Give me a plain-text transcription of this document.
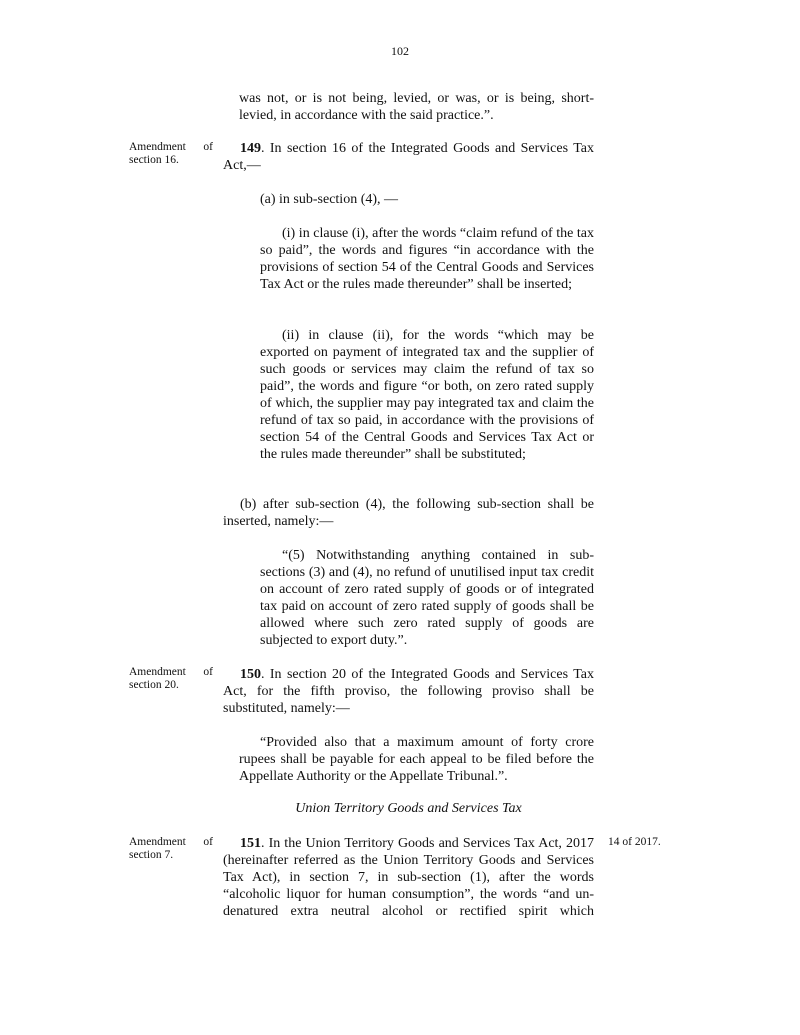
102

was not, or is not being, levied, or was, or is being, short-levied, in accordance with the said practice.”.

Amendment of section 16.

149. In section 16 of the Integrated Goods and Services Tax Act,—

(a) in sub-section (4), —

(i) in clause (i), after the words “claim refund of the tax so paid”, the words and figures “in accordance with the provisions of section 54 of the Central Goods and Services Tax Act or the rules made thereunder” shall be inserted;

(ii) in clause (ii), for the words “which may be exported on payment of integrated tax and the supplier of such goods or services may claim the refund of tax so paid”, the words and figure “or both, on zero rated supply of which, the supplier may pay integrated tax and claim the refund of tax so paid, in accordance with the provisions of section 54 of the Central Goods and Services Tax Act or the rules made thereunder” shall be substituted;

(b) after sub-section (4), the following sub-section shall be inserted, namely:—

“(5) Notwithstanding anything contained in sub-sections (3) and (4), no refund of unutilised input tax credit on account of zero rated supply of goods or of integrated tax paid on account of zero rated supply of goods shall be allowed where such zero rated supply of goods are subjected to export duty.”.

Amendment of section 20.

150. In section 20 of the Integrated Goods and Services Tax Act, for the fifth proviso, the following proviso shall be substituted, namely:—

“Provided also that a maximum amount of forty crore rupees shall be payable for each appeal to be filed before the Appellate Authority or the Appellate Tribunal.”.

Union Territory Goods and Services Tax

Amendment of section 7.
14 of 2017.

151. In the Union Territory Goods and Services Tax Act, 2017 (hereinafter referred as the Union Territory Goods and Services Tax Act), in section 7, in sub-section (1), after the words “alcoholic liquor for human consumption”, the words “and un-denatured extra neutral alcohol or rectified spirit which
